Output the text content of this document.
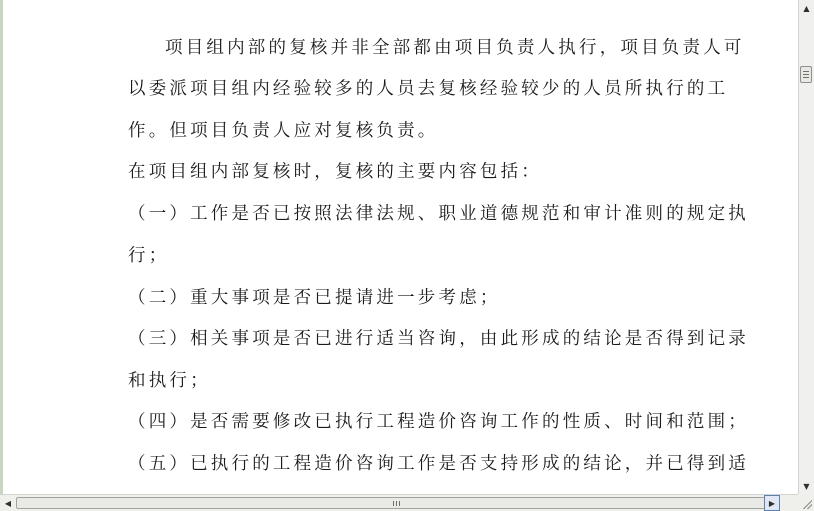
项目组内部的复核并非全部都由项目负责人执行，项目负责人可
以委派项目组内经验较多的人员去复核经验较少的人员所执行的工
作。但项目负责人应对复核负责。
在项目组内部复核时，复核的主要内容包括：
（一）工作是否已按照法律法规、职业道德规范和审计准则的规定执
行；
（二）重大事项是否已提请进一步考虑；
（三）相关事项是否已进行适当咨询，由此形成的结论是否得到记录
和执行；
（四）是否需要修改已执行工程造价咨询工作的性质、时间和范围；
（五）已执行的工程造价咨询工作是否支持形成的结论，并已得到适
▲
▼
◀	▶
